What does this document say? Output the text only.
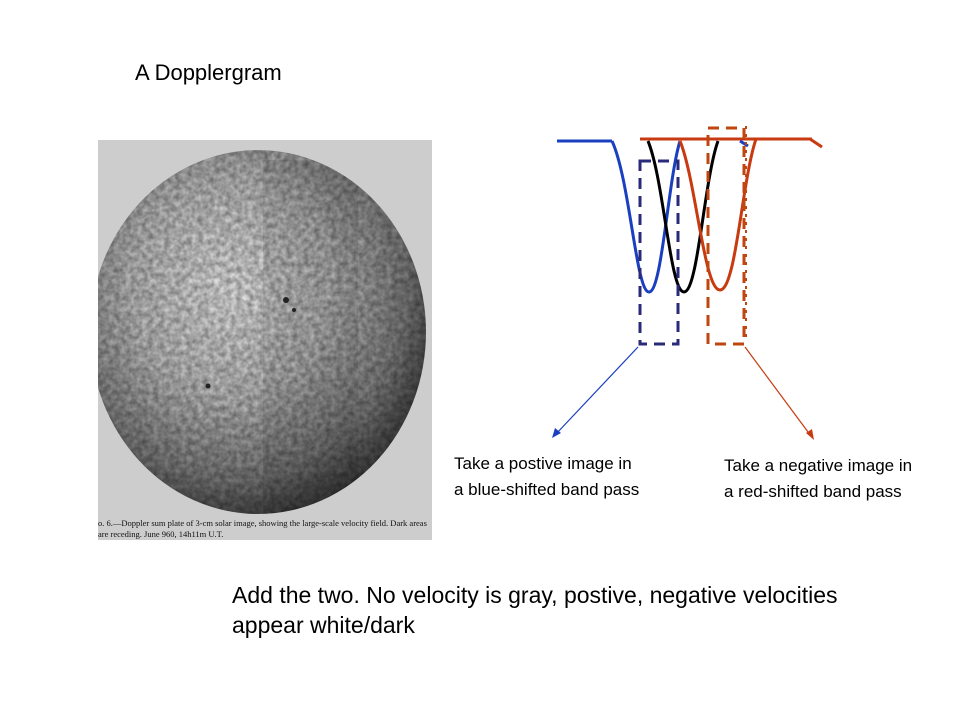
A Dopplergram
o. 6.—Doppler sum plate of 3-cm solar image, showing the large-scale velocity field. Dark areas are receding. June 960, 14h11m U.T.
Take a postive image in a blue-shifted band pass
Take a negative image in a red-shifted band pass
Add the two. No velocity is gray, postive, negative velocities appear white/dark
